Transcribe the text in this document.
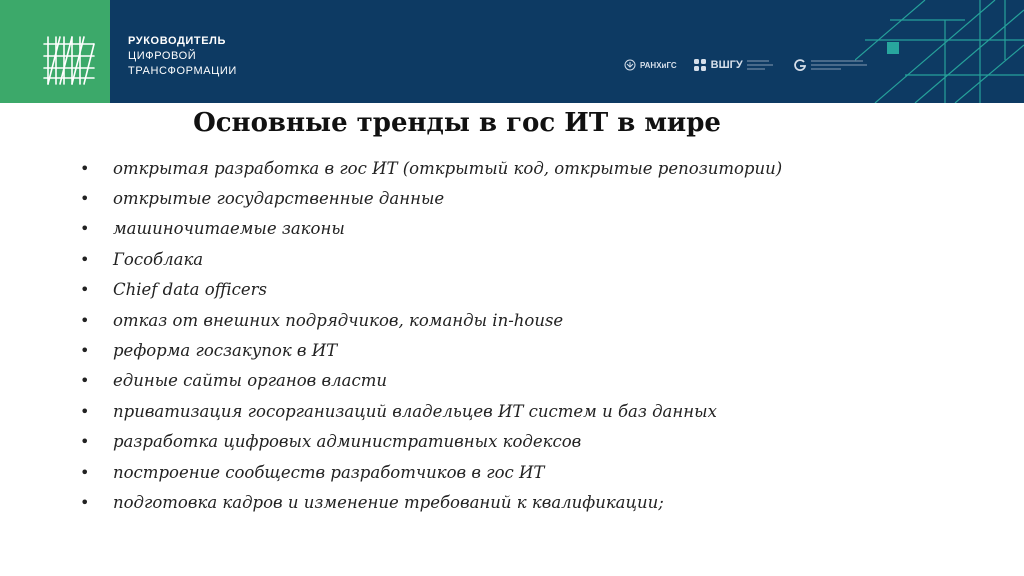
РУКОВОДИТЕЛЬ
ЦИФРОВОЙ
ТРАНСФОРМАЦИИ	РАНХиГС	ВШГУ
Основные тренды в гос ИТ в мире
•	открытая разработка в гос ИТ (открытый код, открытые репозитории)
•	открытые государственные данные
•	машиночитаемые законы
•	Гособлака
•	Chief data officers
•	отказ от внешних подрядчиков, команды in-house
•	реформа госзакупок в ИТ
•	единые сайты органов власти
•	приватизация госорганизаций владельцев ИТ систем и баз данных
•	разработка цифровых административных кодексов
•	построение сообществ разработчиков в гос ИТ
•	подготовка кадров и изменение требований к квалификации;
